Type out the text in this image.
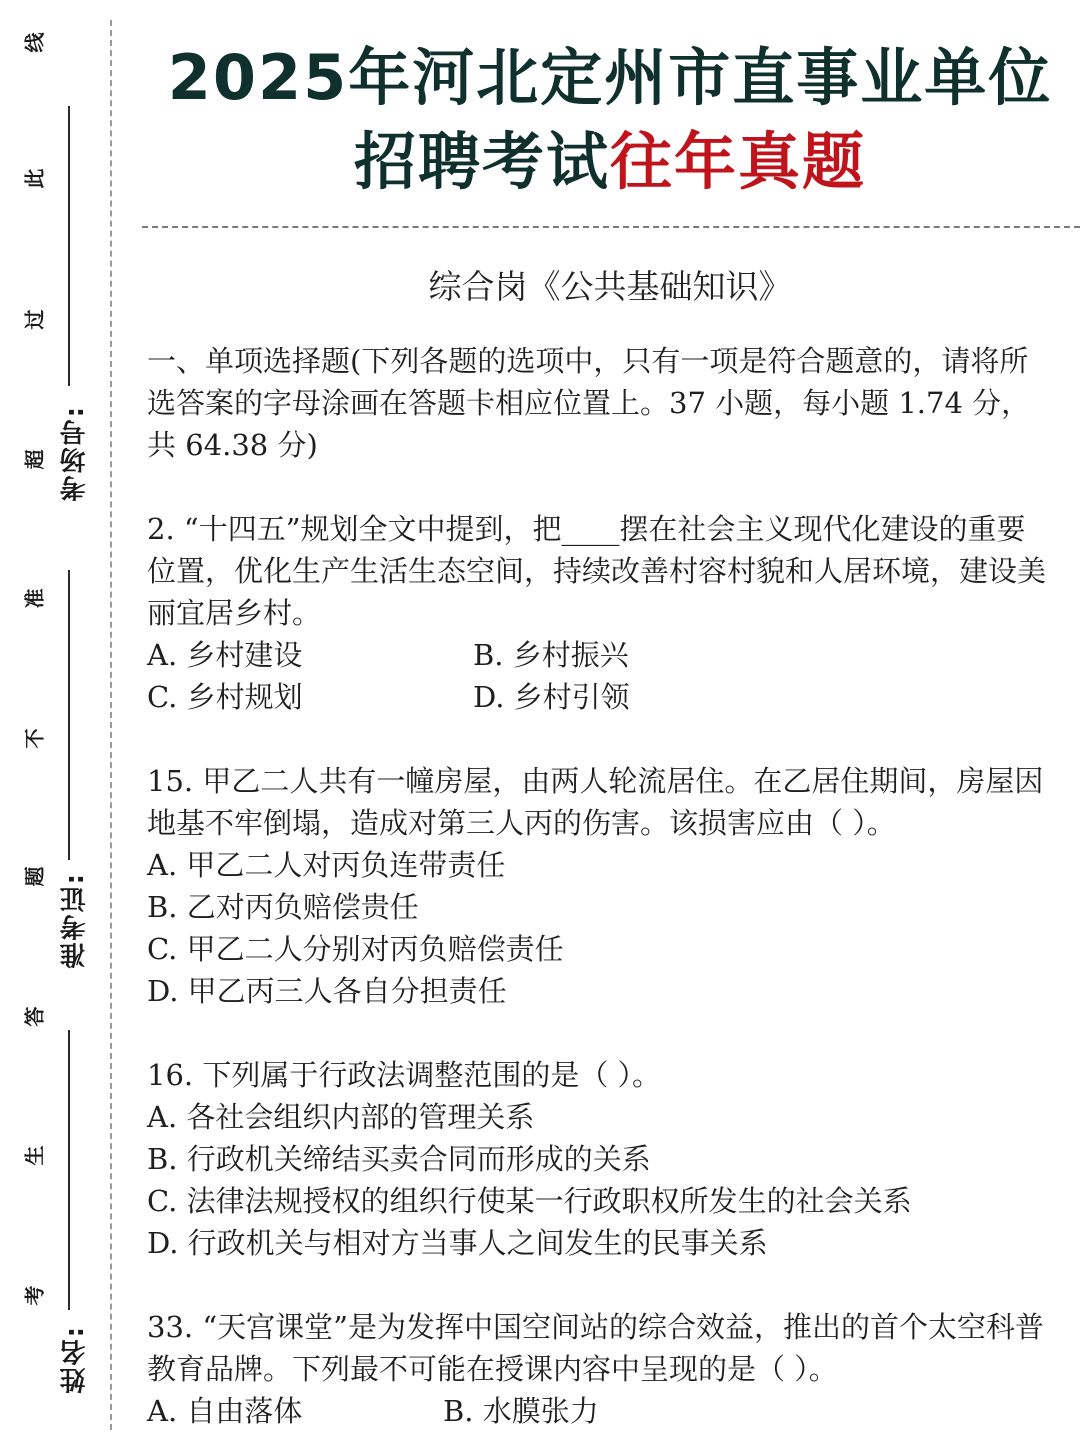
线
此
过
超
准
不
题
答
生
考
考场号:
准考证:
姓名:
2025年河北定州市直事业单位
招聘考试往年真题
综合岗《公共基础知识》

一、单项选择题(下列各题的选项中，只有一项是符合题意的，请将所选答案的字母涂画在答题卡相应位置上。37 小题，每小题 1.74 分，共 64.38 分)

2. “十四五”规划全文中提到，把____摆在社会主义现代化建设的重要位置，优化生产生活生态空间，持续改善村容村貌和人居环境，建设美丽宜居乡村。

A. 乡村建设	B. 乡村振兴
C. 乡村规划	D. 乡村引领

15. 甲乙二人共有一幢房屋，由两人轮流居住。在乙居住期间，房屋因地基不牢倒塌，造成对第三人丙的伤害。该损害应由（ ）。

A. 甲乙二人对丙负连带责任
B. 乙对丙负赔偿贵任
C. 甲乙二人分别对丙负赔偿责任
D. 甲乙丙三人各自分担责任

16. 下列属于行政法调整范围的是（ ）。

A. 各社会组织内部的管理关系
B. 行政机关缔结买卖合同而形成的关系
C. 法律法规授权的组织行使某一行政职权所发生的社会关系
D. 行政机关与相对方当事人之间发生的民事关系

33. “天宫课堂”是为发挥中国空间站的综合效益，推出的首个太空科普教育品牌。下列最不可能在授课内容中呈现的是（ ）。

A. 自由落体	B. 水膜张力
